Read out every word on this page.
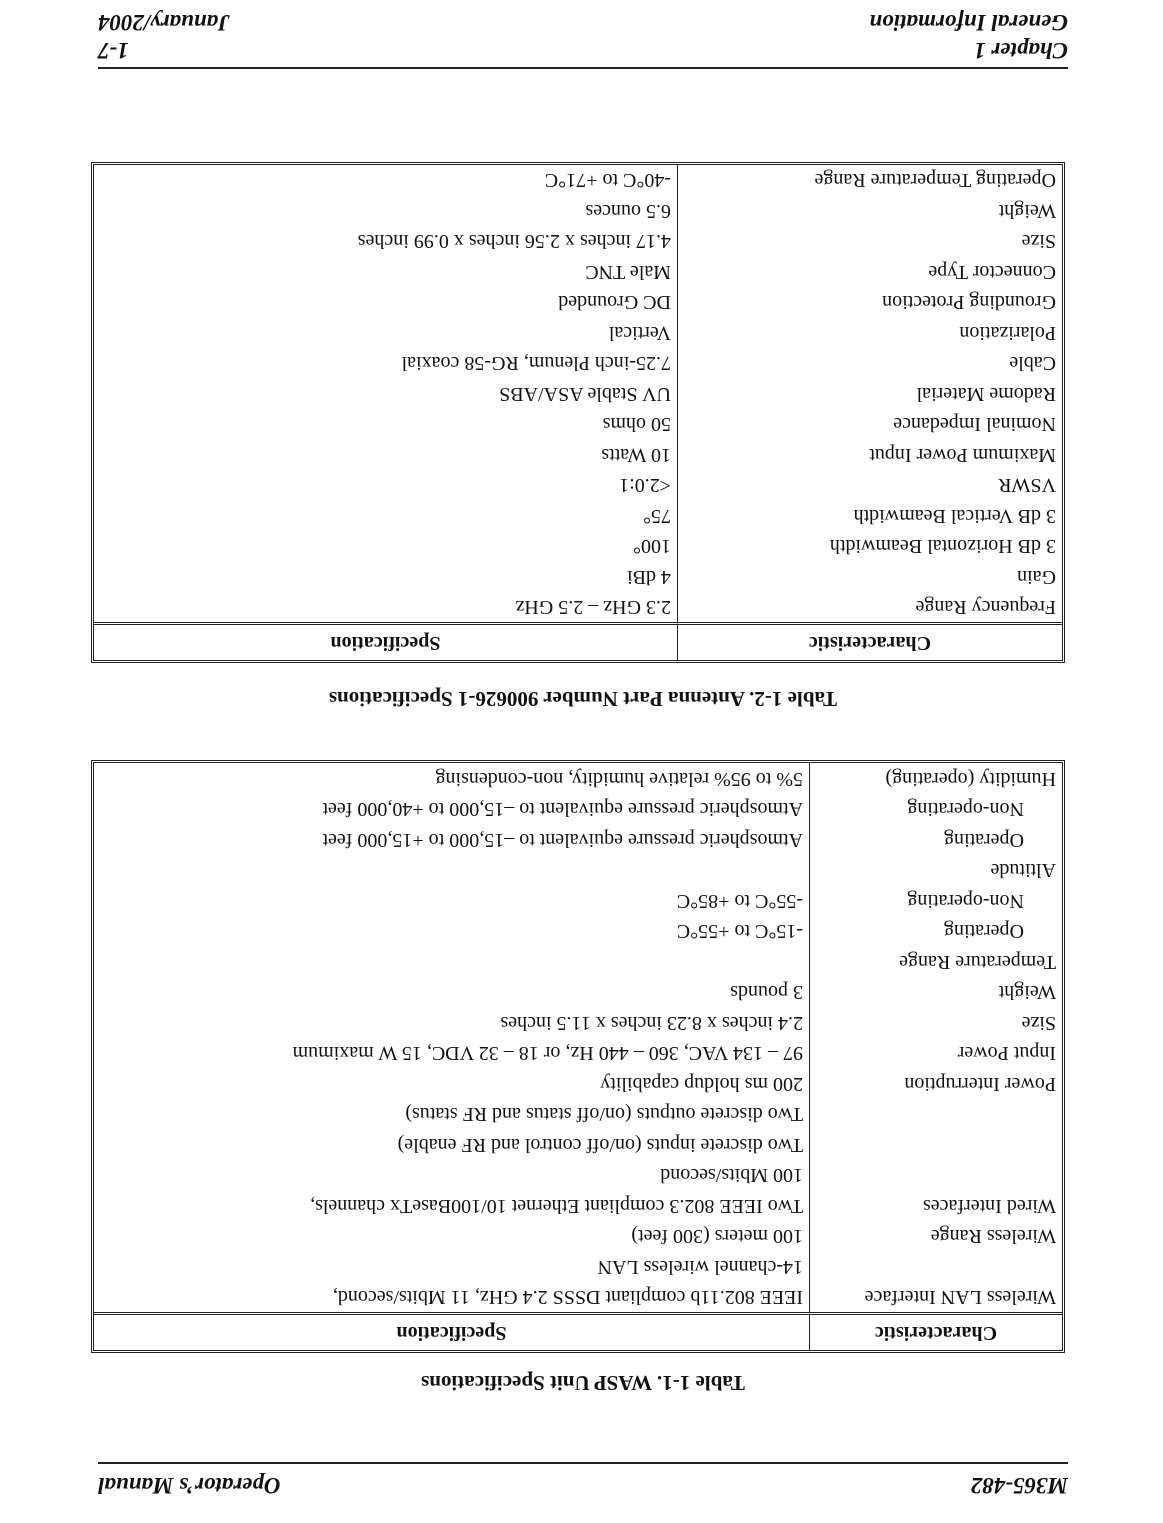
M365-482
Operator’s Manual
Table 1-1. WASP Unit Specifications
Characteristic	Specification
Wireless LAN Interface	IEEE 802.11b compliant DSSS 2.4 GHz, 11 Mbits/second,
	14-channel wireless LAN
Wireless Range	100 meters (300 feet)
Wired Interfaces	Two IEEE 802.3 compliant Ethernet 10/100BaseTx channels,
	100 Mbits/second
	Two discrete inputs (on/off control and RF enable)
	Two discrete outputs (on/off status and RF status)
Power Interruption	200 ms holdup capability
Input Power	97 – 134 VAC, 360 – 440 Hz, or 18 – 32 VDC, 15 W maximum
Size	2.4 inches x 8.23 inches x 11.5 inches
Weight	3 pounds
Temperature Range	
Operating	-15°C to +55°C
Non-operating	-55°C to +85°C
Altitude	
Operating	Atmospheric pressure equivalent to –15,000 to +15,000 feet
Non-operating	Atmospheric pressure equivalent to –15,000 to +40,000 feet
Humidity (operating)	5% to 95% relative humidity, non-condensing
Table 1-2. Antenna Part Number 900626-1 Specifications
Characteristic	Specification
Frequency Range	2.3 GHz – 2.5 GHz
Gain	4 dBi
3 dB Horizontal Beamwidth	100°
3 dB Vertical Beamwidth	75°
VSWR	<2.0:1
Maximum Power Input	10 Watts
Nominal Impedance	50 ohms
Radome Material	UV Stable ASA/ABS
Cable	7.25-inch Plenum, RG-58 coaxial
Polarization	Vertical
Grounding Protection	DC Grounded
Connector Type	Male TNC
Size	4.17 inches x 2.56 inches x 0.99 inches
Weight	6.5 ounces
Operating Temperature Range	-40°C to +71°C
Chapter 1
1-7
General Information
January/2004
